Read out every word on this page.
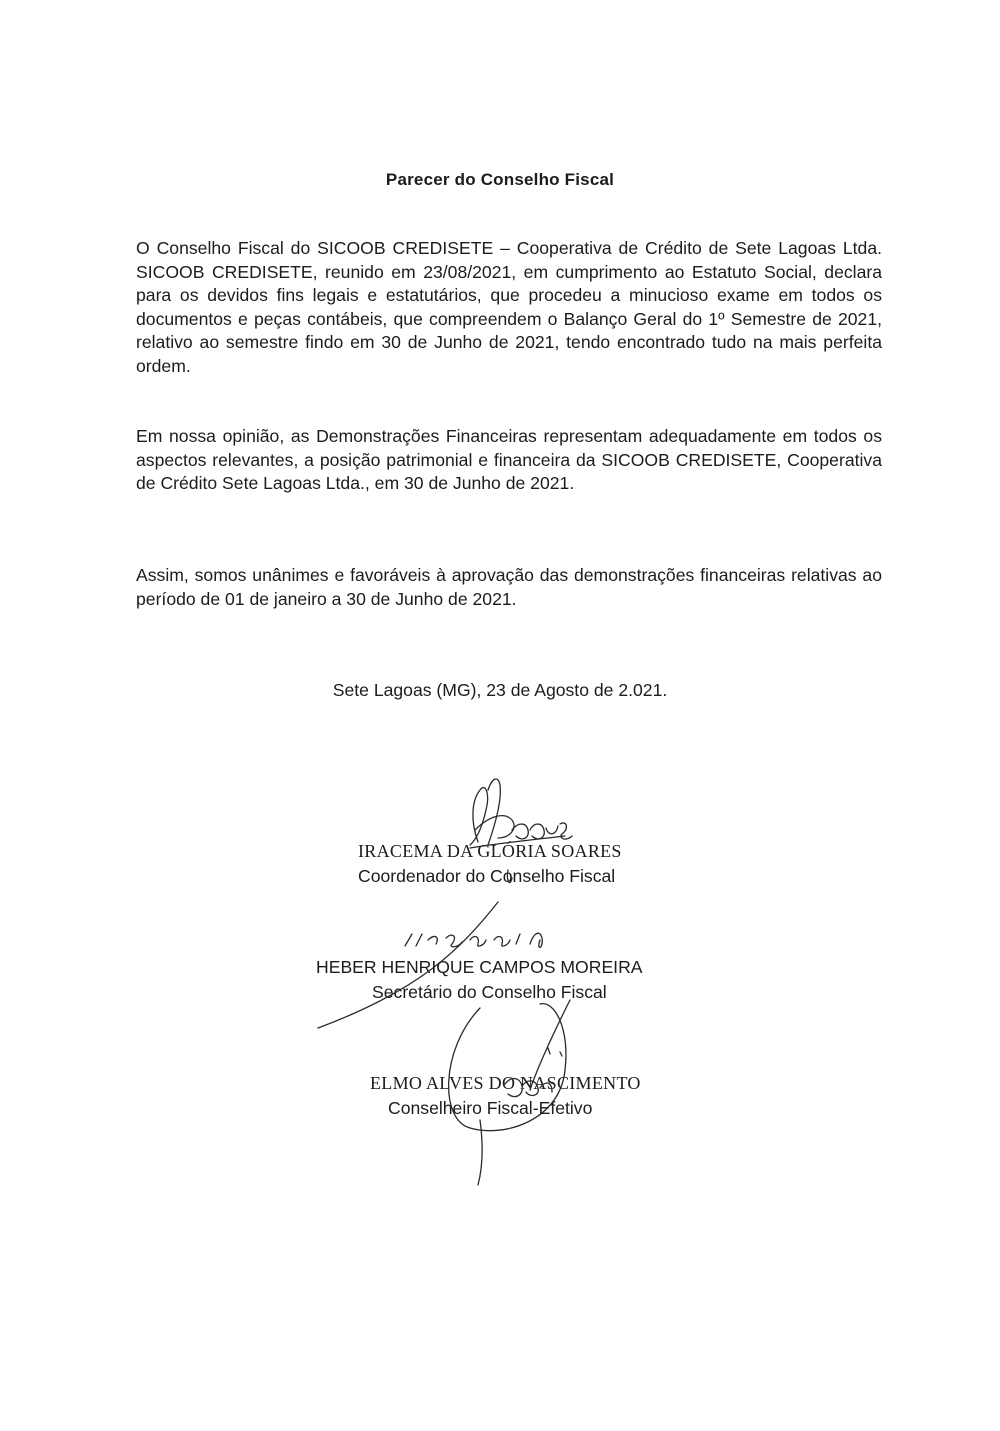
Parecer do Conselho Fiscal

O Conselho Fiscal do SICOOB CREDISETE – Cooperativa de Crédito de Sete Lagoas Ltda. SICOOB CREDISETE, reunido em 23/08/2021, em cumprimento ao Estatuto Social, declara para os devidos fins legais e estatutários, que procedeu a minucioso exame em todos os documentos e peças contábeis, que compreendem o Balanço Geral do 1º Semestre de 2021, relativo ao semestre findo em 30 de Junho de 2021, tendo encontrado tudo na mais perfeita ordem.

Em nossa opinião, as Demonstrações Financeiras representam adequadamente em todos os aspectos relevantes, a posição patrimonial e financeira da SICOOB CREDISETE, Cooperativa de Crédito Sete Lagoas Ltda., em 30 de Junho de 2021.

Assim, somos unânimes e favoráveis à aprovação das demonstrações financeiras relativas ao período de 01 de janeiro a 30 de Junho de 2021.

Sete Lagoas (MG), 23 de Agosto de 2.021.
IRACEMA DA GLÓRIA SOARES
Coordenador do Conselho Fiscal
HEBER HENRIQUE CAMPOS MOREIRA
Secretário do Conselho Fiscal
ELMO ALVES DO NASCIMENTO
Conselheiro Fiscal-Efetivo
